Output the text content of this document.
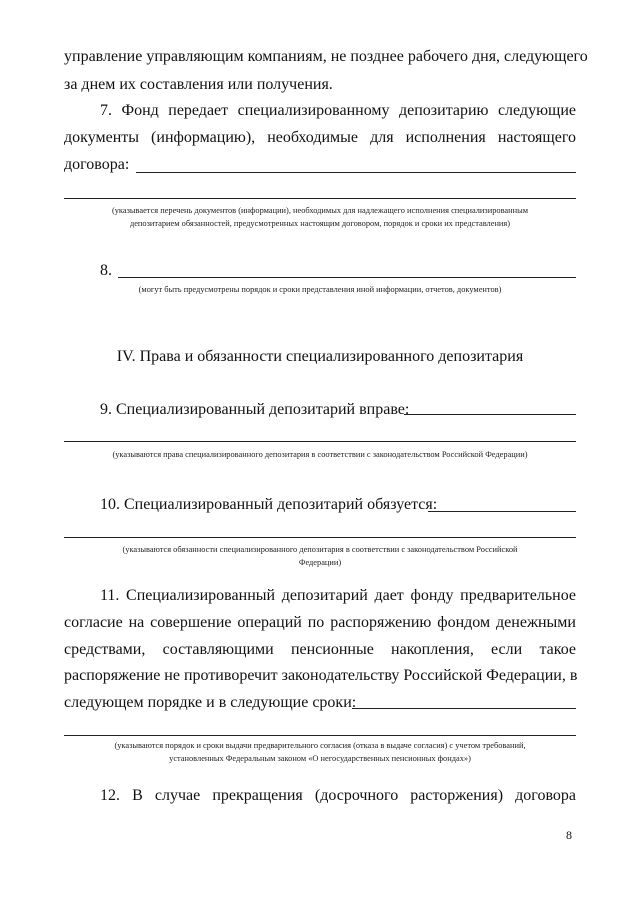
управление управляющим компаниям, не позднее рабочего дня, следующего
за днем их составления или получения.
7. Фонд передает специализированному депозитарию следующие
документы (информацию), необходимые для исполнения настоящего
договора:
(указывается перечень документов (информации), необходимых для надлежащего исполнения специализированным
депозитарием обязанностей, предусмотренных настоящим договором, порядок и сроки их представления)
8.
(могут быть предусмотрены порядок и сроки представления иной информации, отчетов, документов)
IV. Права и обязанности специализированного депозитария
9. Специализированный депозитарий вправе:
(указываются права специализированного депозитария в соответствии с законодательством Российской Федерации)
10. Специализированный депозитарий обязуется:
(указываются обязанности специализированного депозитария в соответствии с законодательством Российской
Федерации)
11. Специализированный депозитарий дает фонду предварительное
согласие на совершение операций по распоряжению фондом денежными
средствами, составляющими пенсионные накопления, если такое
распоряжение не противоречит законодательству Российской Федерации, в
следующем порядке и в следующие сроки:
(указываются порядок и сроки выдачи предварительного согласия (отказа в выдаче согласия) с учетом требований,
установленных Федеральным законом «О негосударственных пенсионных фондах»)
12. В случае прекращения (досрочного расторжения) договора
8
